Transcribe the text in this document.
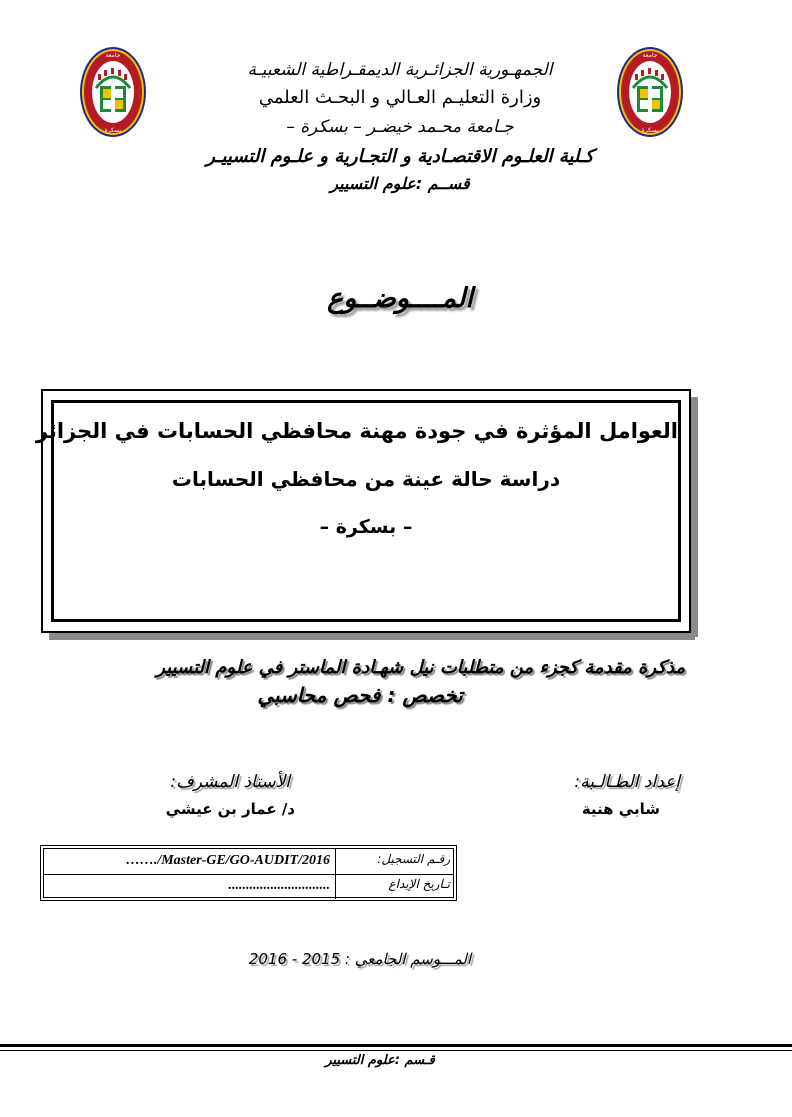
جامعة
بسكرة
جامعة
بسكرة
الجمهـورية الجزائـرية الديمقـراطية الشعبيـة
وزارة التعليـم العـالي و البحـث العلمي
جـامعة محـمد خيضـر – بسكرة –
كـلية العلـوم الاقتصـادية و التجـارية و علـوم التسييـر
قســم :علوم التسيير
المــــوضــوع
العوامل المؤثرة في جودة مهنة محافظي الحسابات في الجزائر
دراسة حالة عينة من محافظي الحسابات
– بسكرة –
مذكرة مقدمة كجزء من متطلبات نيل شهـادة الماستر في علوم التسيير
تخصص : فحص محاسبي
الأستاذ المشرف:
د/ عمار بن عيشي
إعداد الطـالـبة:
شابي هنية
رقـم التسجيل:
……./Master-GE/GO-AUDIT/2016
تـاريخ الإيداع
.............................
المـــوسم الجامعي : 2015 - 2016
قـسم :علوم التسيير
